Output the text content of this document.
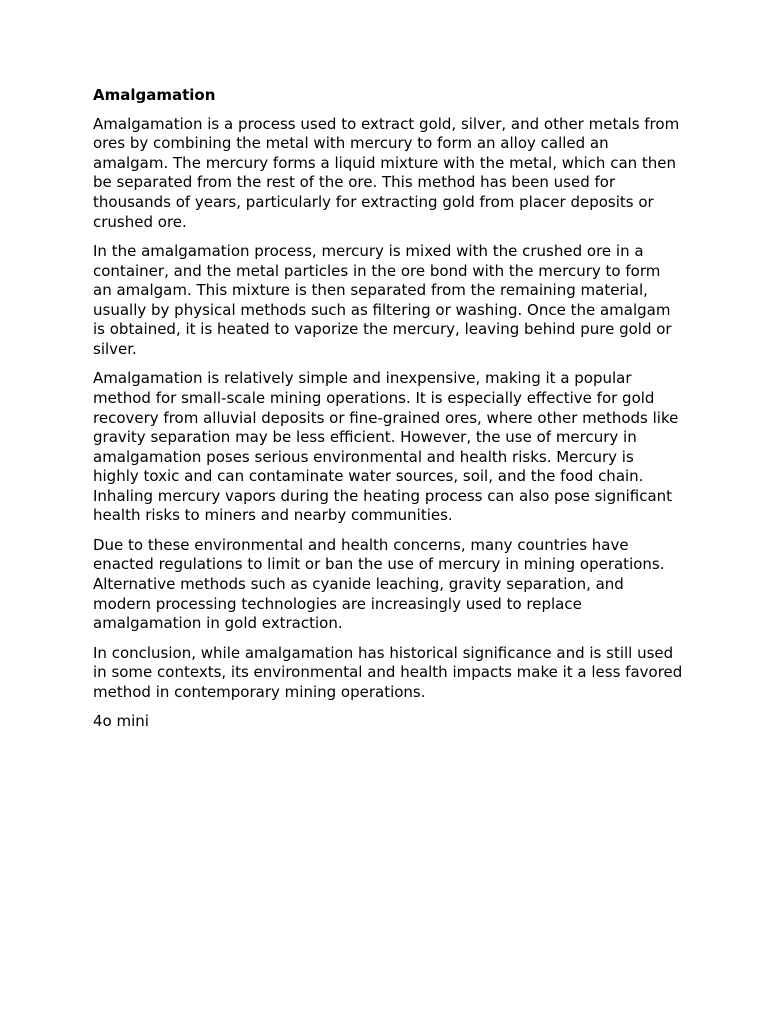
Amalgamation

Amalgamation is a process used to extract gold, silver, and other metals from ores by combining the metal with mercury to form an alloy called an amalgam. The mercury forms a liquid mixture with the metal, which can then be separated from the rest of the ore. This method has been used for thousands of years, particularly for extracting gold from placer deposits or crushed ore.

In the amalgamation process, mercury is mixed with the crushed ore in a container, and the metal particles in the ore bond with the mercury to form an amalgam. This mixture is then separated from the remaining material, usually by physical methods such as filtering or washing. Once the amalgam is obtained, it is heated to vaporize the mercury, leaving behind pure gold or silver.

Amalgamation is relatively simple and inexpensive, making it a popular method for small-scale mining operations. It is especially effective for gold recovery from alluvial deposits or fine-grained ores, where other methods like gravity separation may be less efficient. However, the use of mercury in amalgamation poses serious environmental and health risks. Mercury is highly toxic and can contaminate water sources, soil, and the food chain. Inhaling mercury vapors during the heating process can also pose significant health risks to miners and nearby communities.

Due to these environmental and health concerns, many countries have enacted regulations to limit or ban the use of mercury in mining operations. Alternative methods such as cyanide leaching, gravity separation, and modern processing technologies are increasingly used to replace amalgamation in gold extraction.

In conclusion, while amalgamation has historical significance and is still used in some contexts, its environmental and health impacts make it a less favored method in contemporary mining operations.

4o mini
